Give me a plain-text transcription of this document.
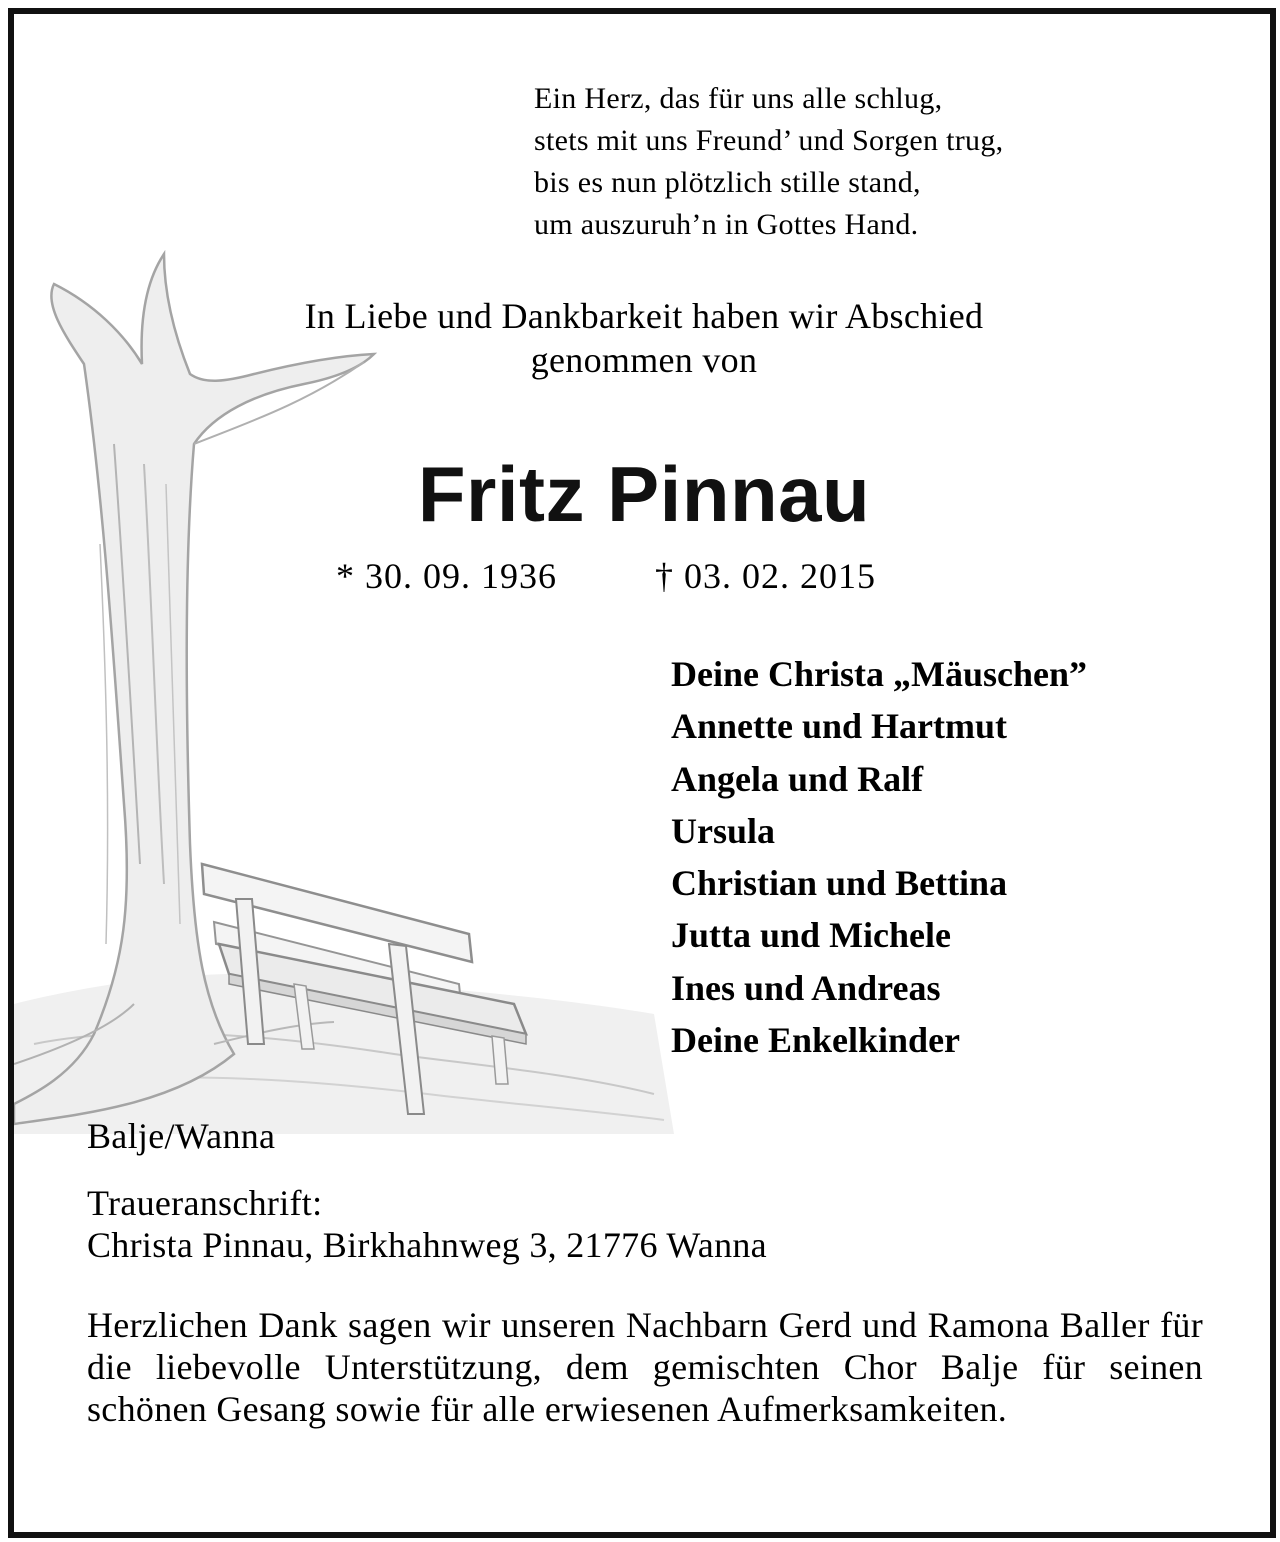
Ein Herz, das für uns alle schlug,
stets mit uns Freund’ und Sorgen trug,
bis es nun plötzlich stille stand,
um auszuruh’n in Gottes Hand.
In Liebe und Dankbarkeit haben wir Abschied
genommen von
Fritz Pinnau
* 30. 09. 1936	† 03. 02. 2015
Deine Christa „Mäuschen”
Annette und Hartmut
Angela und Ralf
Ursula
Christian und Bettina
Jutta und Michele
Ines und Andreas
Deine Enkelkinder
Balje/Wanna
Traueranschrift:
Christa Pinnau, Birkhahnweg 3, 21776 Wanna
Herzlichen Dank sagen wir unseren Nachbarn Gerd und Ramona Baller für die liebevolle Unterstützung, dem gemischten Chor Balje für seinen schönen Gesang sowie für alle erwiesenen Aufmerksamkeiten.
